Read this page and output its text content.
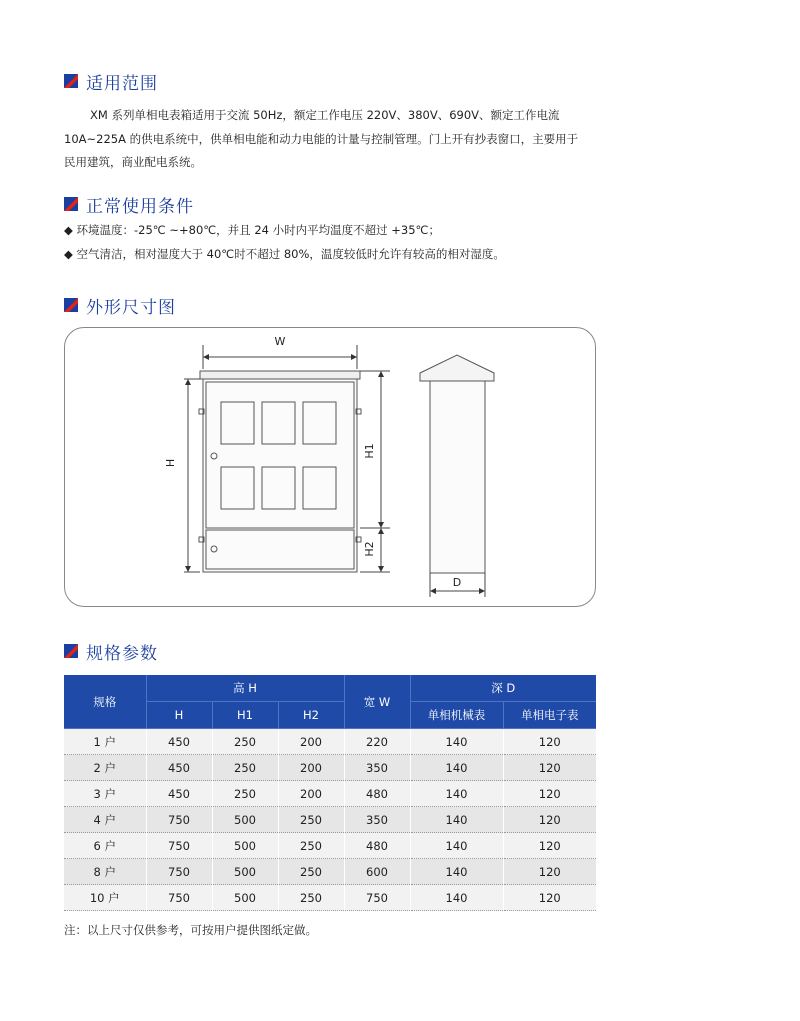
适用范围

XM 系列单相电表箱适用于交流 50Hz，额定工作电压 220V、380V、690V、额定工作电流

10A~225A 的供电系统中，供单相电能和动力电能的计量与控制管理。门上开有抄表窗口，主要用于

民用建筑，商业配电系统。

正常使用条件
◆ 环境温度：-25℃ ~+80℃，并且 24 小时内平均温度不超过 +35℃；
◆ 空气清洁，相对湿度大于 40℃时不超过 80%，温度较低时允许有较高的相对湿度。
外形尺寸图
W
H
H1
H2
D
规格参数
规格	高 H			宽 W	深 D	
	H	H1	H2		单相机械表	单相电子表
1 户	450	250	200	220	140	120
2 户	450	250	200	350	140	120
3 户	450	250	200	480	140	120
4 户	750	500	250	350	140	120
6 户	750	500	250	480	140	120
8 户	750	500	250	600	140	120
10 户	750	500	250	750	140	120
注：以上尺寸仅供参考，可按用户提供图纸定做。
